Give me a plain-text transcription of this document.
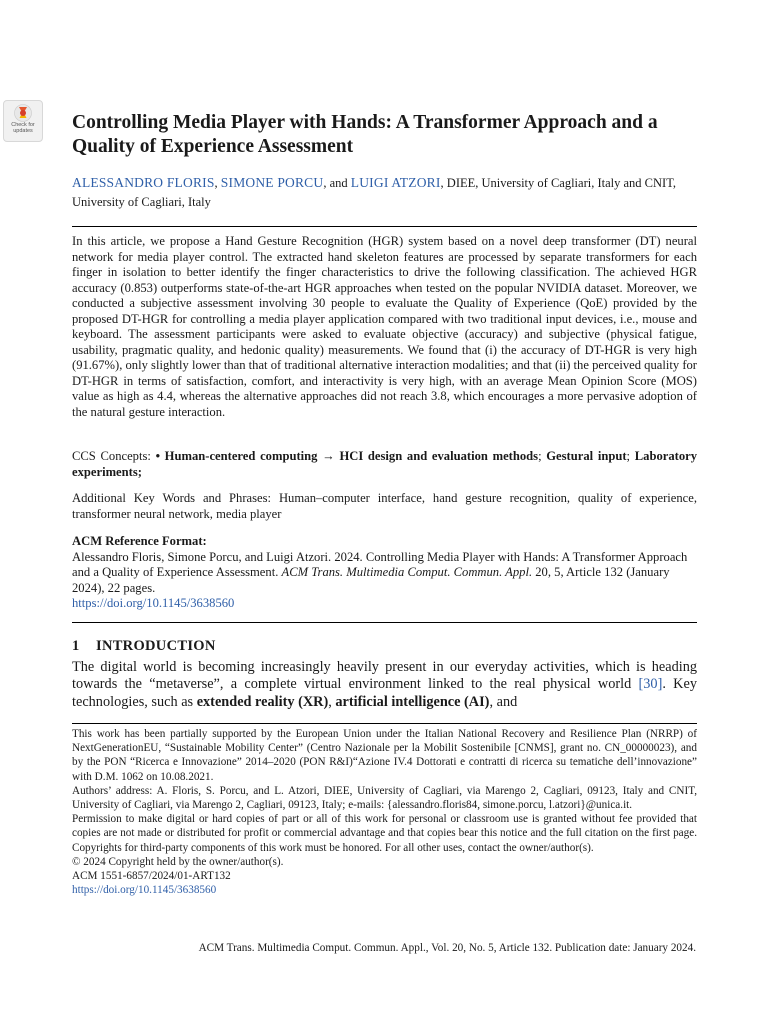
Check for
updates	Controlling Media Player with Hands: A Transformer Approach and a Quality of Experience Assessment
ALESSANDRO FLORIS, SIMONE PORCU, and LUIGI ATZORI, DIEE, University of Cagliari, Italy and CNIT, University of Cagliari, Italy

In this article, we propose a Hand Gesture Recognition (HGR) system based on a novel deep transformer (DT) neural network for media player control. The extracted hand skeleton features are processed by separate transformers for each finger in isolation to better identify the finger characteristics to drive the following classification. The achieved HGR accuracy (0.853) outperforms state-of-the-art HGR approaches when tested on the popular NVIDIA dataset. Moreover, we conducted a subjective assessment involving 30 people to evaluate the Quality of Experience (QoE) provided by the proposed DT-HGR for controlling a media player application compared with two traditional input devices, i.e., mouse and keyboard. The assessment participants were asked to evaluate objective (accuracy) and subjective (physical fatigue, usability, pragmatic quality, and hedonic quality) measurements. We found that (i) the accuracy of DT-HGR is very high (91.67%), only slightly lower than that of traditional alternative interaction modalities; and that (ii) the perceived quality for DT-HGR in terms of satisfaction, comfort, and interactivity is very high, with an average Mean Opinion Score (MOS) value as high as 4.4, whereas the alternative approaches did not reach 3.8, which encourages a more pervasive adoption of the natural gesture interaction.

CCS Concepts: • Human-centered computing → HCI design and evaluation methods; Gestural input; Laboratory experiments;
Additional Key Words and Phrases: Human–computer interface, hand gesture recognition, quality of experience, transformer neural network, media player
ACM Reference Format:
Alessandro Floris, Simone Porcu, and Luigi Atzori. 2024. Controlling Media Player with Hands: A Transformer Approach and a Quality of Experience Assessment. ACM Trans. Multimedia Comput. Commun. Appl. 20, 5, Article 132 (January 2024), 22 pages.
https://doi.org/10.1145/3638560
1 INTRODUCTION

The digital world is becoming increasingly heavily present in our everyday activities, which is heading towards the “metaverse”, a complete virtual environment linked to the real physical world [30]. Key technologies, such as extended reality (XR), artificial intelligence (AI), and

This work has been partially supported by the European Union under the Italian National Recovery and Resilience Plan (NRRP) of NextGenerationEU, “Sustainable Mobility Center” (Centro Nazionale per la Mobilit Sostenibile [CNMS], grant no. CN_00000023), and by the PON “Ricerca e Innovazione” 2014–2020 (PON R&I)“Azione IV.4 Dottorati e contratti di ricerca su tematiche dell’innovazione” with D.M. 1062 on 10.08.2021.

Authors’ address: A. Floris, S. Porcu, and L. Atzori, DIEE, University of Cagliari, via Marengo 2, Cagliari, 09123, Italy and CNIT, University of Cagliari, via Marengo 2, Cagliari, 09123, Italy; e-mails: {alessandro.floris84, simone.porcu, l.atzori}@unica.it.

Permission to make digital or hard copies of part or all of this work for personal or classroom use is granted without fee provided that copies are not made or distributed for profit or commercial advantage and that copies bear this notice and the full citation on the first page. Copyrights for third-party components of this work must be honored. For all other uses, contact the owner/author(s).

© 2024 Copyright held by the owner/author(s).

ACM 1551-6857/2024/01-ART132

https://doi.org/10.1145/3638560

ACM Trans. Multimedia Comput. Commun. Appl., Vol. 20, No. 5, Article 132. Publication date: January 2024.
